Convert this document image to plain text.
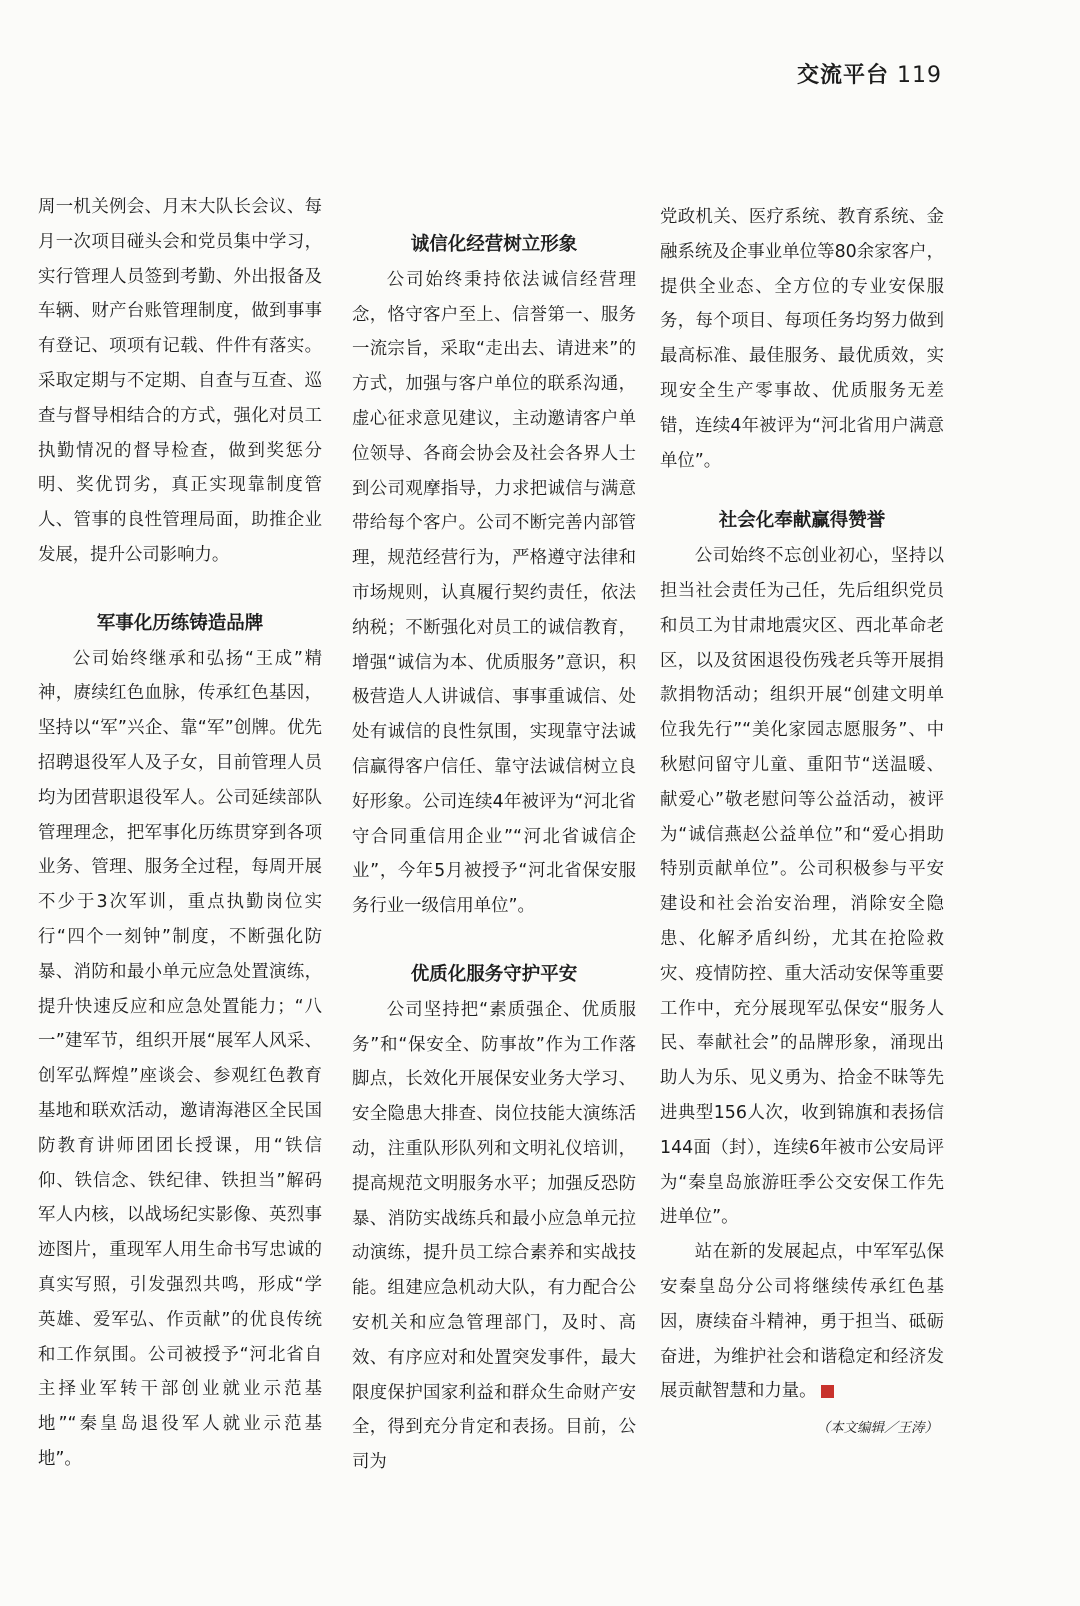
交流平台 119

周一机关例会、月末大队长会议、每月一次项目碰头会和党员集中学习，实行管理人员签到考勤、外出报备及车辆、财产台账管理制度，做到事事有登记、项项有记载、件件有落实。采取定期与不定期、自查与互查、巡查与督导相结合的方式，强化对员工执勤情况的督导检查，做到奖惩分明、奖优罚劣，真正实现靠制度管人、管事的良性管理局面，助推企业发展，提升公司影响力。

军事化历练铸造品牌

公司始终继承和弘扬“王成”精神，赓续红色血脉，传承红色基因，坚持以“军”兴企、靠“军”创牌。优先招聘退役军人及子女，目前管理人员均为团营职退役军人。公司延续部队管理理念，把军事化历练贯穿到各项业务、管理、服务全过程，每周开展不少于3次军训，重点执勤岗位实行“四个一刻钟”制度，不断强化防暴、消防和最小单元应急处置演练，提升快速反应和应急处置能力；“八一”建军节，组织开展“展军人风采、创军弘辉煌”座谈会、参观红色教育基地和联欢活动，邀请海港区全民国防教育讲师团团长授课，用“铁信仰、铁信念、铁纪律、铁担当”解码军人内核，以战场纪实影像、英烈事迹图片，重现军人用生命书写忠诚的真实写照，引发强烈共鸣，形成“学英雄、爱军弘、作贡献”的优良传统和工作氛围。公司被授予“河北省自主择业军转干部创业就业示范基地”“秦皇岛退役军人就业示范基地”。

诚信化经营树立形象

公司始终秉持依法诚信经营理念，恪守客户至上、信誉第一、服务一流宗旨，采取“走出去、请进来”的方式，加强与客户单位的联系沟通，虚心征求意见建议，主动邀请客户单位领导、各商会协会及社会各界人士到公司观摩指导，力求把诚信与满意带给每个客户。公司不断完善内部管理，规范经营行为，严格遵守法律和市场规则，认真履行契约责任，依法纳税；不断强化对员工的诚信教育，增强“诚信为本、优质服务”意识，积极营造人人讲诚信、事事重诚信、处处有诚信的良性氛围，实现靠守法诚信赢得客户信任、靠守法诚信树立良好形象。公司连续4年被评为“河北省守合同重信用企业”“河北省诚信企业”，今年5月被授予“河北省保安服务行业一级信用单位”。

优质化服务守护平安

公司坚持把“素质强企、优质服务”和“保安全、防事故”作为工作落脚点，长效化开展保安业务大学习、安全隐患大排查、岗位技能大演练活动，注重队形队列和文明礼仪培训，提高规范文明服务水平；加强反恐防暴、消防实战练兵和最小应急单元拉动演练，提升员工综合素养和实战技能。组建应急机动大队，有力配合公安机关和应急管理部门，及时、高效、有序应对和处置突发事件，最大限度保护国家利益和群众生命财产安全，得到充分肯定和表扬。目前，公司为

党政机关、医疗系统、教育系统、金融系统及企事业单位等80余家客户，提供全业态、全方位的专业安保服务，每个项目、每项任务均努力做到最高标准、最佳服务、最优质效，实现安全生产零事故、优质服务无差错，连续4年被评为“河北省用户满意单位”。

社会化奉献赢得赞誉

公司始终不忘创业初心，坚持以担当社会责任为己任，先后组织党员和员工为甘肃地震灾区、西北革命老区，以及贫困退役伤残老兵等开展捐款捐物活动；组织开展“创建文明单位我先行”“美化家园志愿服务”、中秋慰问留守儿童、重阳节“送温暖、献爱心”敬老慰问等公益活动，被评为“诚信燕赵公益单位”和“爱心捐助特别贡献单位”。公司积极参与平安建设和社会治安治理，消除安全隐患、化解矛盾纠纷，尤其在抢险救灾、疫情防控、重大活动安保等重要工作中，充分展现军弘保安“服务人民、奉献社会”的品牌形象，涌现出助人为乐、见义勇为、拾金不昧等先进典型156人次，收到锦旗和表扬信144面（封），连续6年被市公安局评为“秦皇岛旅游旺季公交安保工作先进单位”。

站在新的发展起点，中军军弘保安秦皇岛分公司将继续传承红色基因，赓续奋斗精神，勇于担当、砥砺奋进，为维护社会和谐稳定和经济发展贡献智慧和力量。

（本文编辑／王涛）
